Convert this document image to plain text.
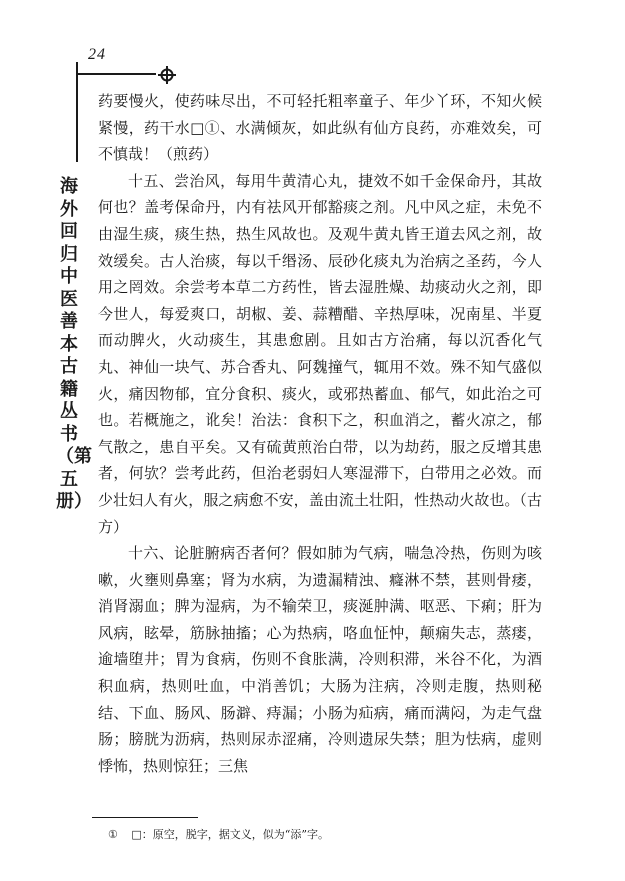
24
海外回归中医善本古籍丛书（第五册）

药要慢火，使药味尽出，不可轻托粗率童子、年少丫环，不知火候紧慢，药干水□①、水满倾灰，如此纵有仙方良药，亦难效矣，可不慎哉！（煎药）

十五、尝治风，每用牛黄清心丸，捷效不如千金保命丹，其故何也？盖考保命丹，内有祛风开郁豁痰之剂。凡中风之症，未免不由湿生痰，痰生热，热生风故也。及观牛黄丸皆王道去风之剂，故效缓矣。古人治痰，每以千缗汤、辰砂化痰丸为治病之圣药，今人用之罔效。余尝考本草二方药性，皆去湿胜燥、劫痰动火之剂，即今世人，每爱爽口，胡椒、姜、蒜糟醋、辛热厚味，况南星、半夏而动脾火，火动痰生，其患愈剧。且如古方治痛，每以沉香化气丸、神仙一块气、苏合香丸、阿魏撞气，辄用不效。殊不知气盛似火，痛因物郁，宜分食积、痰火，或邪热蓄血、郁气，如此治之可也。若概施之，讹矣！治法：食积下之，积血消之，蓄火凉之，郁气散之，患自平矣。又有硫黄煎治白带，以为劫药，服之反增其患者，何欤？尝考此药，但治老弱妇人寒湿滞下，白带用之必效。而少壮妇人有火，服之病愈不安，盖由流土壮阳，性热动火故也。（古方）

十六、论脏腑病否者何？假如肺为气病，喘急冷热，伤则为咳嗽，火壅则鼻塞；肾为水病，为遗漏精浊、癃淋不禁，甚则骨痿，消肾溺血；脾为湿病，为不输荣卫，痰涎肿满、呕恶、下痢；肝为风病，眩晕，筋脉抽搐；心为热病，咯血怔忡，颠痫失志，蒸瘘，逾墙堕井；胃为食病，伤则不食胀满，冷则积滞，米谷不化，为酒积血病，热则吐血，中消善饥；大肠为注病，冷则走腹，热则秘结、下血、肠风、肠澼、痔漏；小肠为疝病，痛而满闷，为走气盘肠；膀胱为沥病，热则尿赤涩痛，冷则遗尿失禁；胆为怯病，虚则悸怖，热则惊狂；三焦

① □：原空，脱字，据文义，似为“添”字。
